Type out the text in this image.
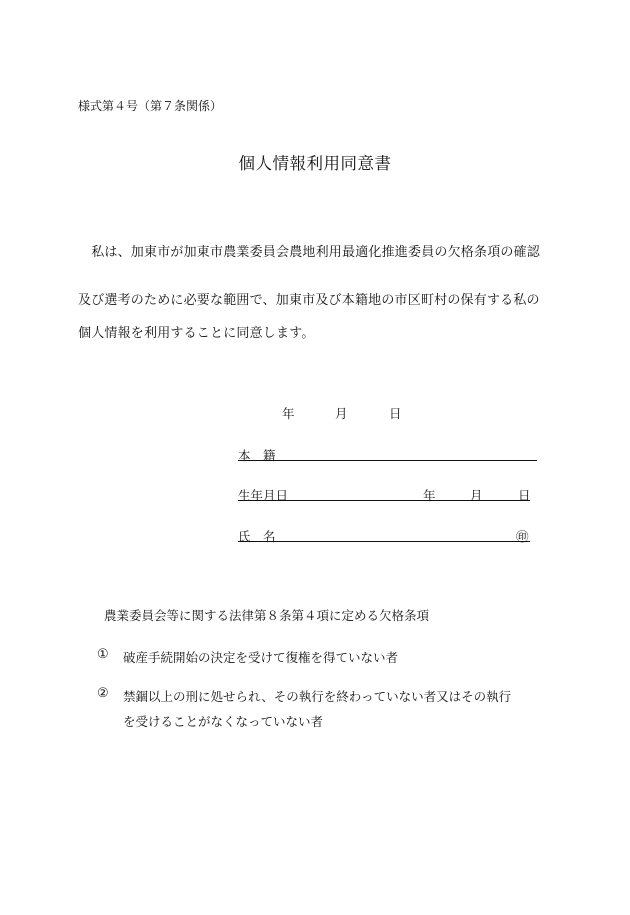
様式第４号（第７条関係）
個人情報利用同意書
　私は、加東市が加東市農業委員会農地利用最適化推進委員の欠格条項の確認
及び選考のために必要な範囲で、加東市及び本籍地の市区町村の保有する私の
個人情報を利用することに同意します。
年	月	日
本　籍
生年月日	年	月	日
氏　名	㊞
農業委員会等に関する法律第８条第４項に定める欠格条項
① 破産手続開始の決定を受けて復権を得ていない者
② 禁錮以上の刑に処せられ、その執行を終わっていない者又はその執行
を受けることがなくなっていない者
